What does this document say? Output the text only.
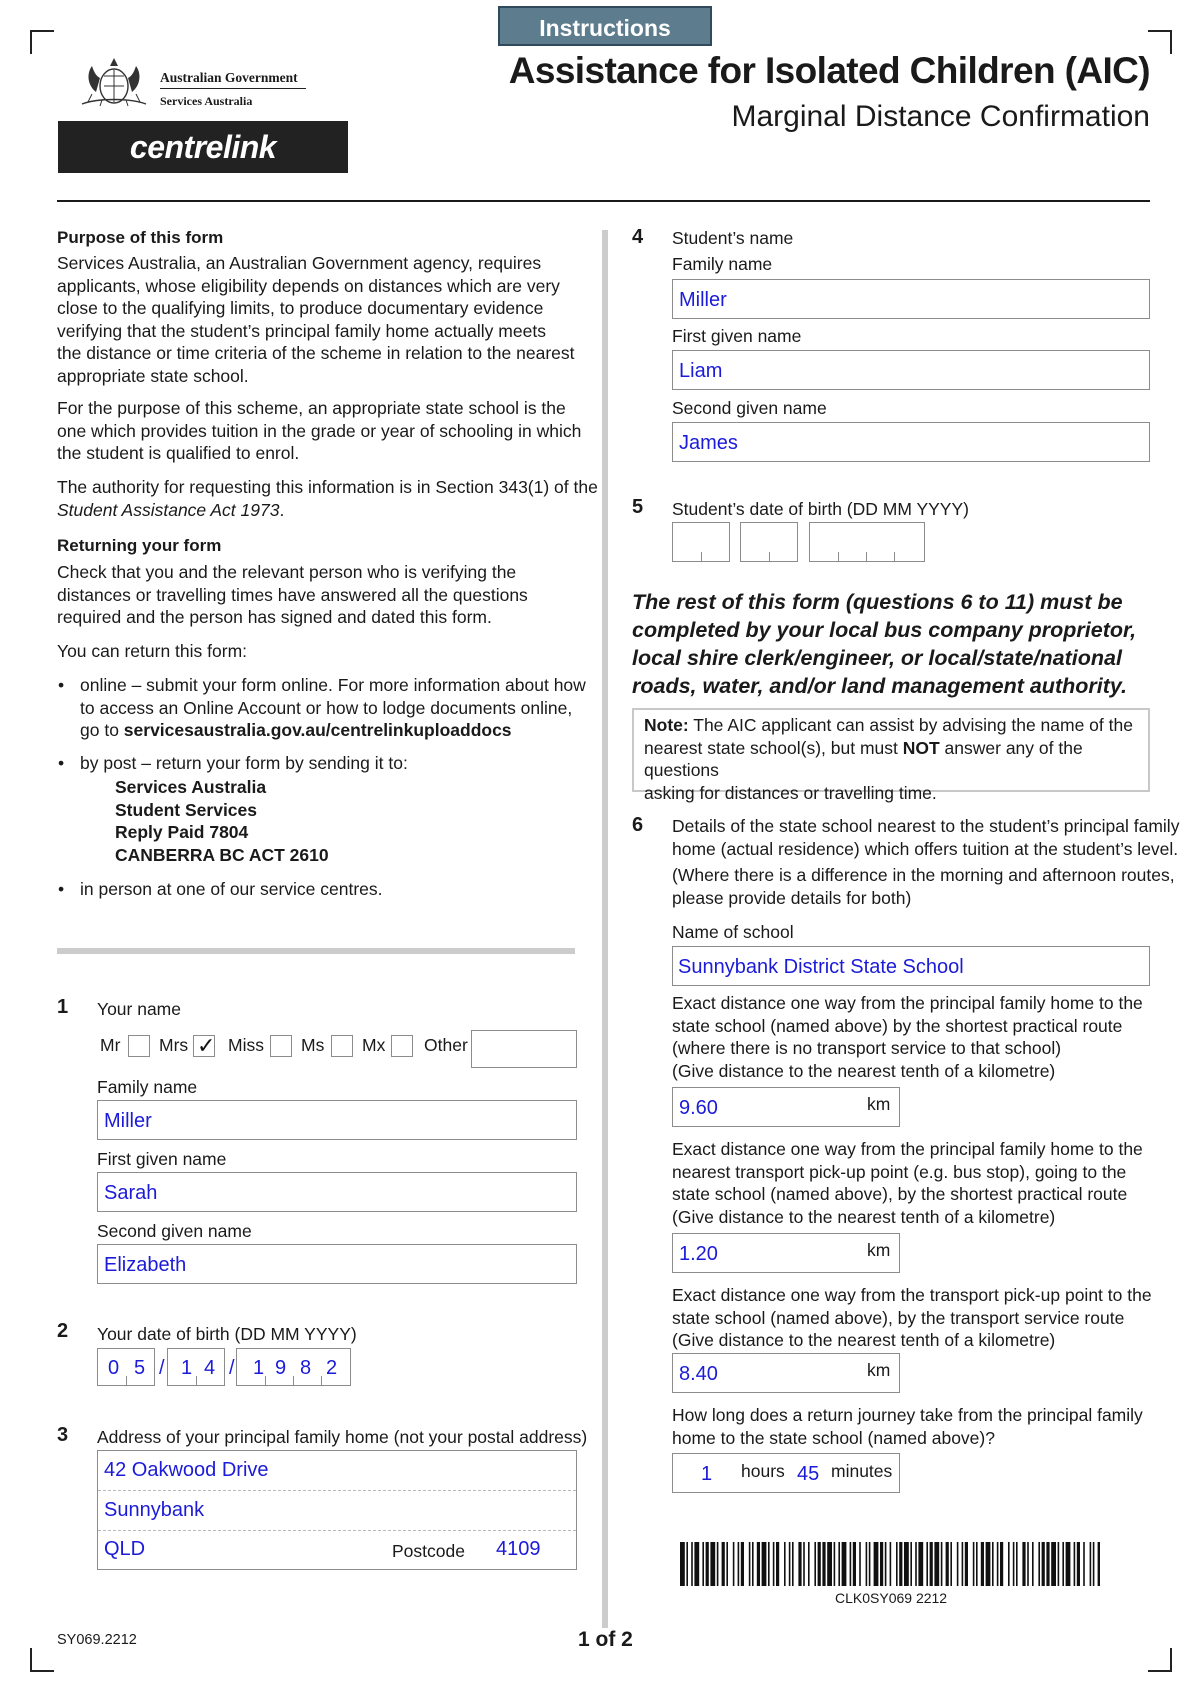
Instructions
Australian Government
Services Australia
centrelink
Assistance for Isolated Children (AIC)
Marginal Distance Confirmation
Purpose of this form
Services Australia, an Australian Government agency, requires
applicants, whose eligibility depends on distances which are very
close to the qualifying limits, to produce documentary evidence
verifying that the student’s principal family home actually meets
the distance or time criteria of the scheme in relation to the nearest
appropriate state school.
For the purpose of this scheme, an appropriate state school is the
one which provides tuition in the grade or year of schooling in which
the student is qualified to enrol.
The authority for requesting this information is in Section 343(1) of the
Student Assistance Act 1973.
Returning your form
Check that you and the relevant person who is verifying the
distances or travelling times have answered all the questions
required and the person has signed and dated this form.
You can return this form:
• online – submit your form online. For more information about how
to access an Online Account or how to lodge documents online,
go to servicesaustralia.gov.au/centrelinkuploaddocs
• by post – return your form by sending it to:
Services Australia
Student Services
Reply Paid 7804
CANBERRA BC ACT 2610
• in person at one of our service centres.
1 Your name
Mr Mrs ✓ Miss Ms Mx Other
Family name
Miller
First given name
Sarah
Second given name
Elizabeth
2 Your date of birth (DD MM YYYY)
0 5 / 1 4 / 1 9 8 2
3 Address of your principal family home (not your postal address)
42 Oakwood Drive
Sunnybank
QLD	Postcode 4109
4 Student’s name
Family name
Miller
First given name
Liam
Second given name
James
5 Student’s date of birth (DD MM YYYY)
The rest of this form (questions 6 to 11) must be
completed by your local bus company proprietor,
local shire clerk/engineer, or local/state/national
roads, water, and/or land management authority.
Note: The AIC applicant can assist by advising the name of the
nearest state school(s), but must NOT answer any of the questions
asking for distances or travelling time.
6 Details of the state school nearest to the student’s principal family
home (actual residence) which offers tuition at the student’s level.
(Where there is a difference in the morning and afternoon routes,
please provide details for both)
Name of school
Sunnybank District State School
Exact distance one way from the principal family home to the
state school (named above) by the shortest practical route
(where there is no transport service to that school)
(Give distance to the nearest tenth of a kilometre)
9.60	km
Exact distance one way from the principal family home to the
nearest transport pick-up point (e.g. bus stop), going to the
state school (named above), by the shortest practical route
(Give distance to the nearest tenth of a kilometre)
1.20	km
Exact distance one way from the transport pick-up point to the
state school (named above), by the transport service route
(Give distance to the nearest tenth of a kilometre)
8.40	km
How long does a return journey take from the principal family
home to the state school (named above)?
1 hours 45 minutes
CLK0SY069 2212
SY069.2212	1 of 2
